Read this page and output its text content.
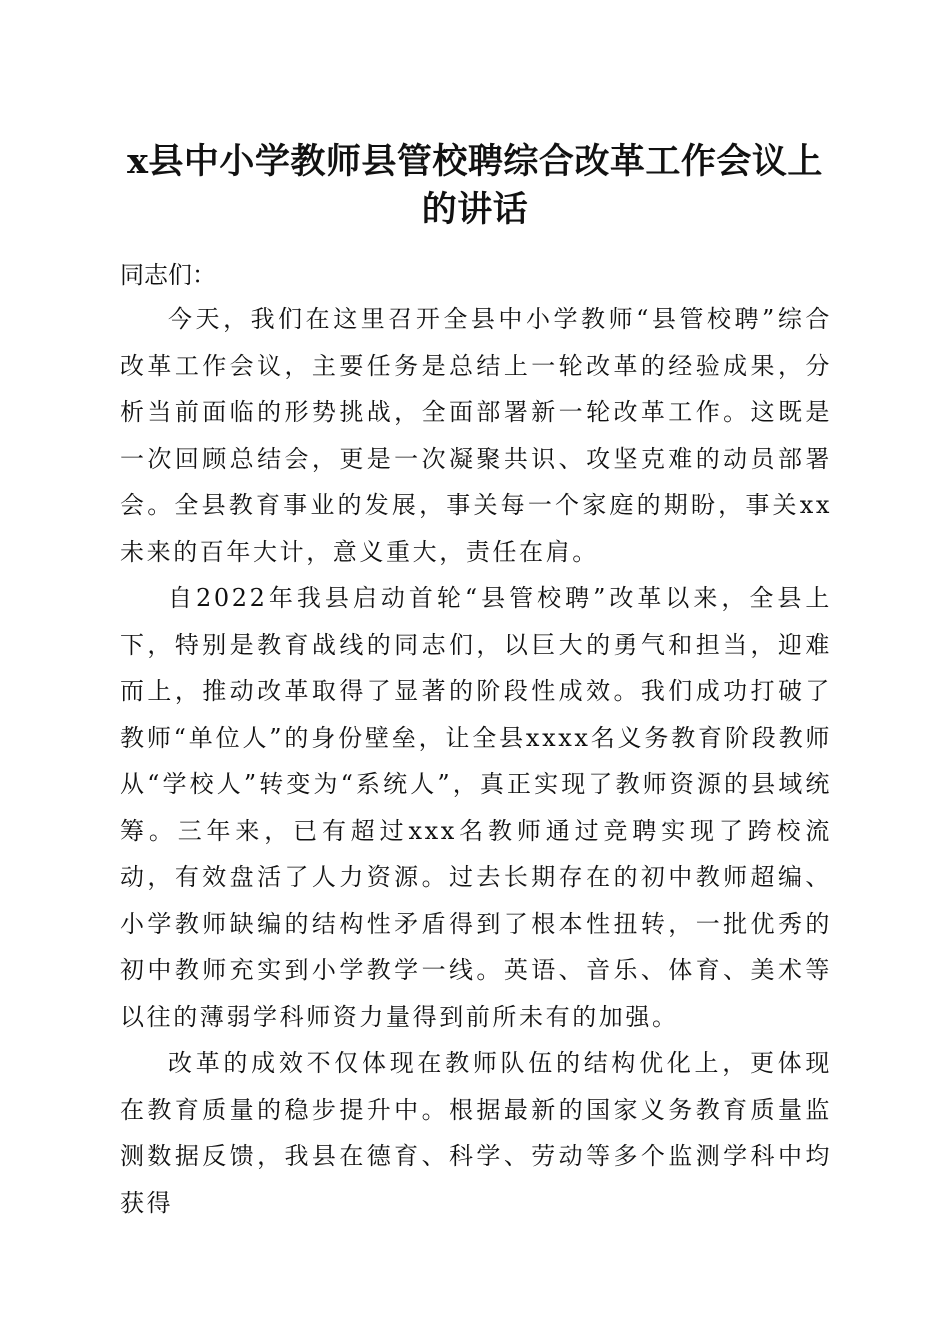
x县中小学教师县管校聘综合改革工作会议上的讲话

同志们：

今天，我们在这里召开全县中小学教师“县管校聘”综合改革工作会议，主要任务是总结上一轮改革的经验成果，分析当前面临的形势挑战，全面部署新一轮改革工作。这既是一次回顾总结会，更是一次凝聚共识、攻坚克难的动员部署会。全县教育事业的发展，事关每一个家庭的期盼，事关xx未来的百年大计，意义重大，责任在肩。

自2022年我县启动首轮“县管校聘”改革以来，全县上下，特别是教育战线的同志们，以巨大的勇气和担当，迎难而上，推动改革取得了显著的阶段性成效。我们成功打破了教师“单位人”的身份壁垒，让全县xxxx名义务教育阶段教师从“学校人”转变为“系统人”，真正实现了教师资源的县域统筹。三年来，已有超过xxx名教师通过竞聘实现了跨校流动，有效盘活了人力资源。过去长期存在的初中教师超编、小学教师缺编的结构性矛盾得到了根本性扭转，一批优秀的初中教师充实到小学教学一线。英语、音乐、体育、美术等以往的薄弱学科师资力量得到前所未有的加强。

改革的成效不仅体现在教师队伍的结构优化上，更体现在教育质量的稳步提升中。根据最新的国家义务教育质量监测数据反馈，我县在德育、科学、劳动等多个监测学科中均获得
